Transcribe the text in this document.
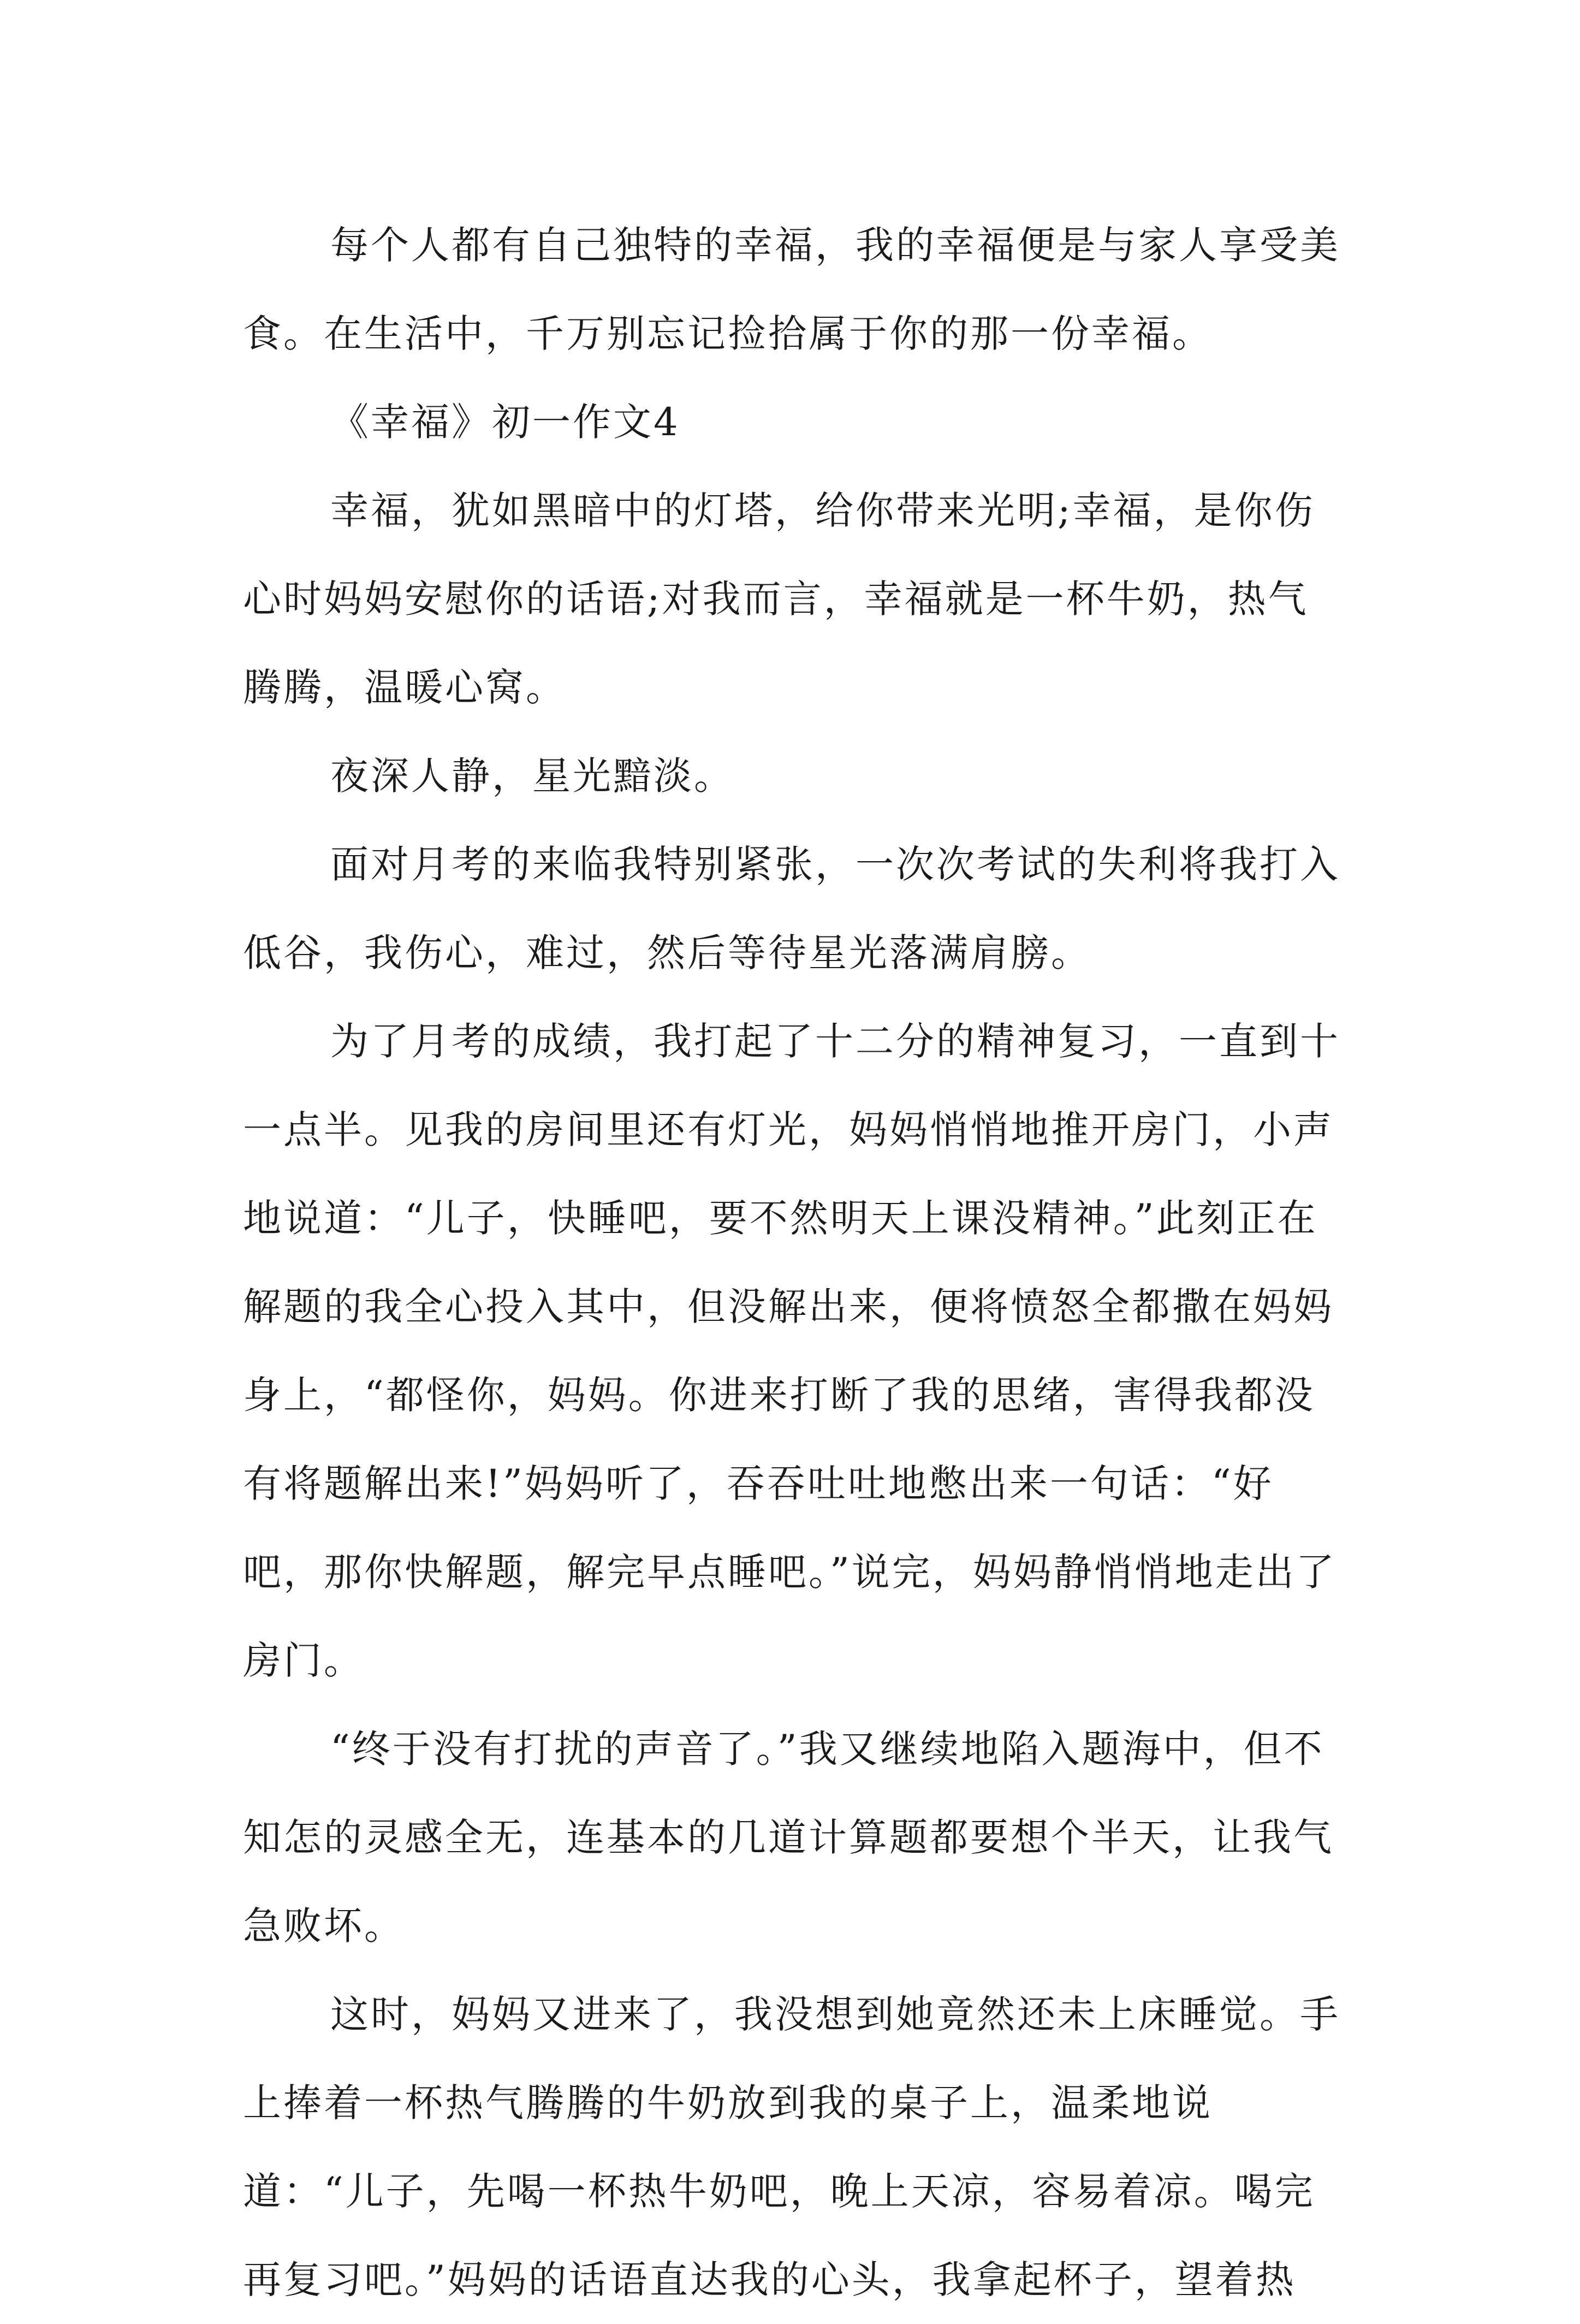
每个人都有自己独特的幸福，我的幸福便是与家人享受美食。在生活中，千万别忘记捡拾属于你的那一份幸福。

《幸福》初一作文4

幸福，犹如黑暗中的灯塔，给你带来光明;幸福，是你伤心时妈妈安慰你的话语;对我而言，幸福就是一杯牛奶，热气腾腾，温暖心窝。

夜深人静，星光黯淡。

面对月考的来临我特别紧张，一次次考试的失利将我打入低谷，我伤心，难过，然后等待星光落满肩膀。

为了月考的成绩，我打起了十二分的精神复习，一直到十一点半。见我的房间里还有灯光，妈妈悄悄地推开房门，小声地说道：“儿子，快睡吧，要不然明天上课没精神。”此刻正在解题的我全心投入其中，但没解出来，便将愤怒全都撒在妈妈身上，“都怪你，妈妈。你进来打断了我的思绪，害得我都没有将题解出来!”妈妈听了，吞吞吐吐地憋出来一句话：“好吧，那你快解题，解完早点睡吧。”说完，妈妈静悄悄地走出了房门。

“终于没有打扰的声音了。”我又继续地陷入题海中，但不知怎的灵感全无，连基本的几道计算题都要想个半天，让我气急败坏。

这时，妈妈又进来了，我没想到她竟然还未上床睡觉。手上捧着一杯热气腾腾的牛奶放到我的桌子上，温柔地说道：“儿子，先喝一杯热牛奶吧，晚上天凉，容易着凉。喝完再复习吧。”妈妈的话语直达我的心头，我拿起杯子，望着热
